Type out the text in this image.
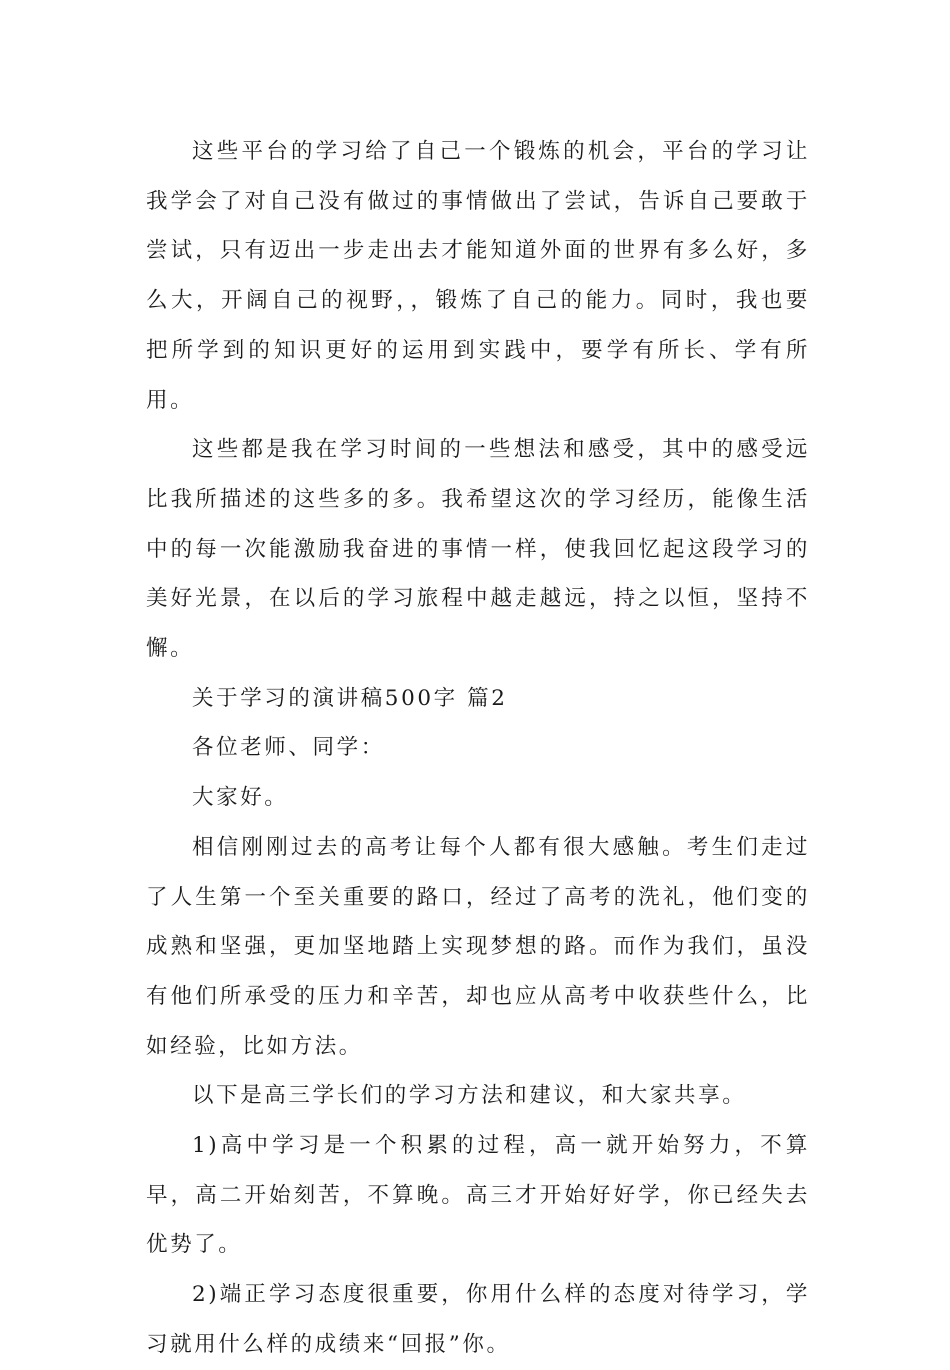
这些平台的学习给了自己一个锻炼的机会，平台的学习让我学会了对自己没有做过的事情做出了尝试，告诉自己要敢于尝试，只有迈出一步走出去才能知道外面的世界有多么好，多么大，开阔自己的视野，，锻炼了自己的能力。同时，我也要把所学到的知识更好的运用到实践中，要学有所长、学有所用。

这些都是我在学习时间的一些想法和感受，其中的感受远比我所描述的这些多的多。我希望这次的学习经历，能像生活中的每一次能激励我奋进的事情一样，使我回忆起这段学习的美好光景，在以后的学习旅程中越走越远，持之以恒，坚持不懈。

关于学习的演讲稿500字 篇2

各位老师、同学：

大家好。

相信刚刚过去的高考让每个人都有很大感触。考生们走过了人生第一个至关重要的路口，经过了高考的洗礼，他们变的成熟和坚强，更加坚地踏上实现梦想的路。而作为我们，虽没有他们所承受的压力和辛苦，却也应从高考中收获些什么，比如经验，比如方法。

以下是高三学长们的学习方法和建议，和大家共享。

1)高中学习是一个积累的过程，高一就开始努力，不算早，高二开始刻苦，不算晚。高三才开始好好学，你已经失去优势了。

2)端正学习态度很重要，你用什么样的态度对待学习，学习就用什么样的成绩来“回报”你。
